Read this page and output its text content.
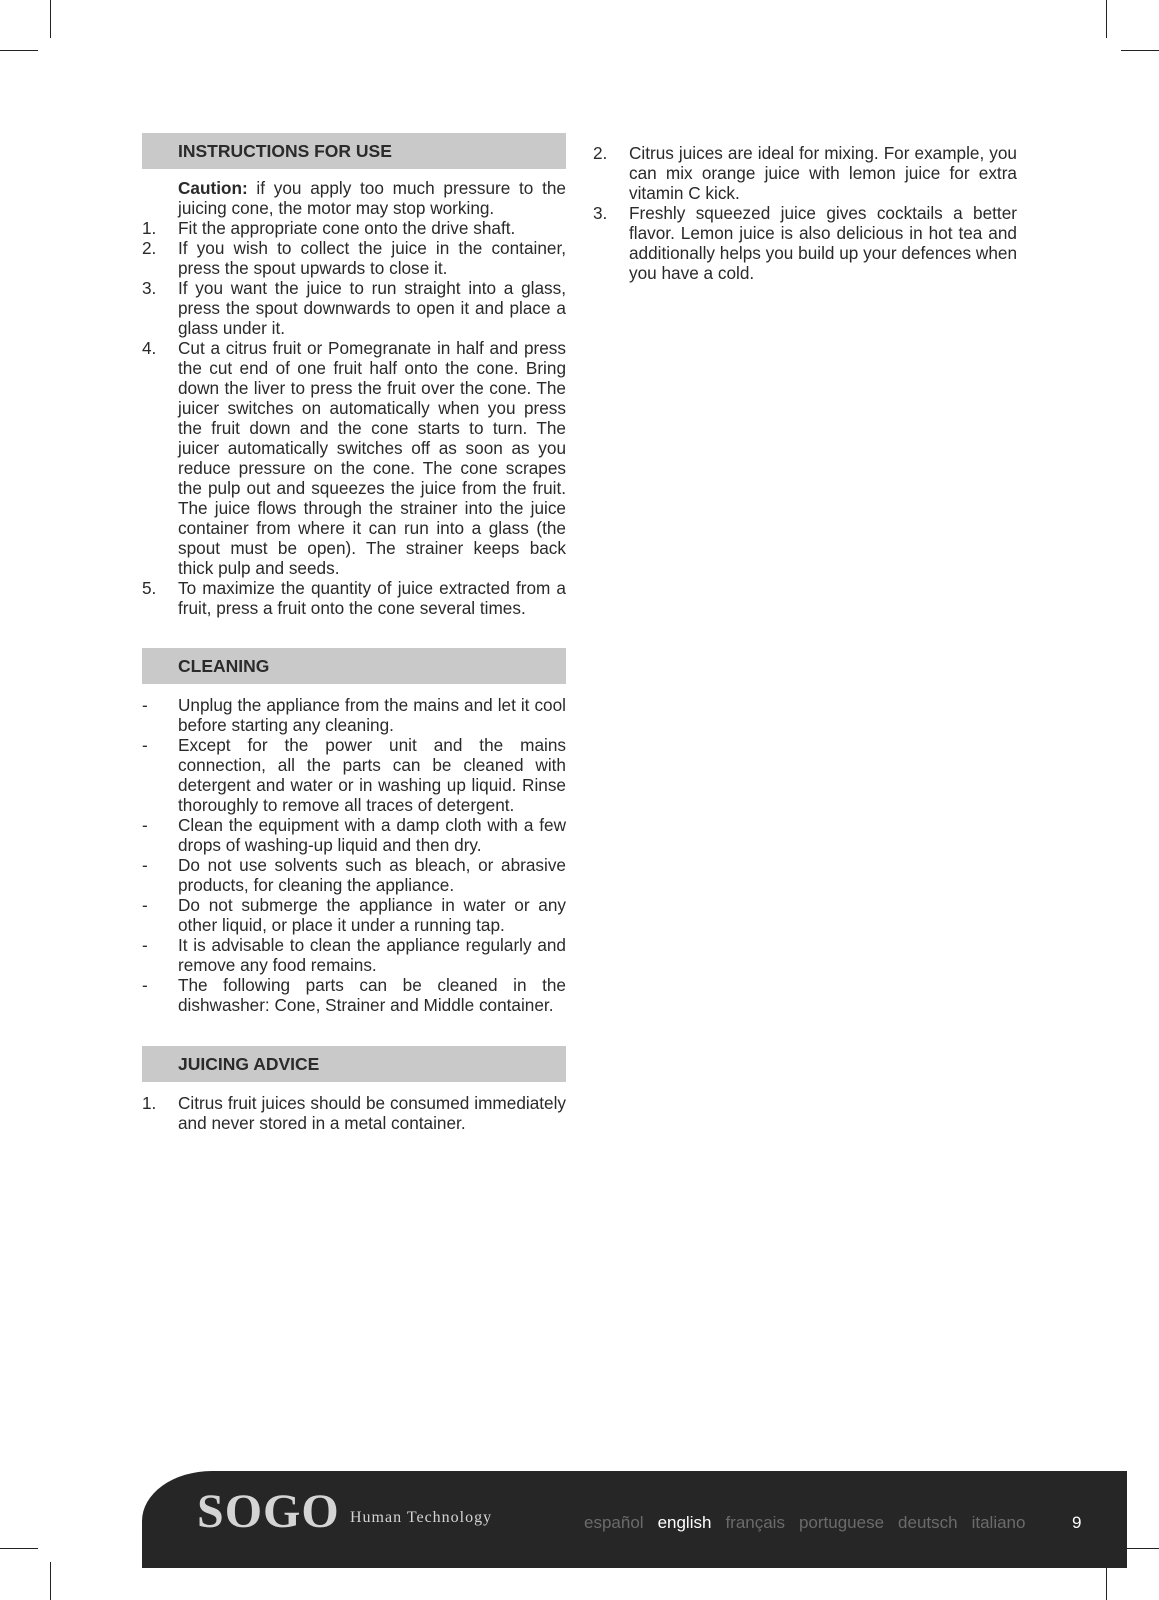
INSTRUCTIONS FOR USE
Caution: if you apply too much pressure to the juicing cone, the motor may stop working.
1.	Fit the appropriate cone onto the drive shaft.
2.	If you wish to collect the juice in the container, press the spout upwards to close it.
3.	If you want the juice to run straight into a glass, press the spout downwards to open it and place a glass under it.
4.	Cut a citrus fruit or Pomegranate in half and press the cut end of one fruit half onto the cone. Bring down the liver to press the fruit over the cone. The juicer switches on automatically when you press the fruit down and the cone starts to turn. The juicer automatically switches off as soon as you reduce pressure on the cone. The cone scrapes the pulp out and squeezes the juice from the fruit. The juice flows through the strainer into the juice container from where it can run into a glass (the spout must be open). The strainer keeps back thick pulp and seeds.
5.	To maximize the quantity of juice extracted from a fruit, press a fruit onto the cone several times.
CLEANING
-	Unplug the appliance from the mains and let it cool before starting any cleaning.
-	Except for the power unit and the mains connection, all the parts can be cleaned with detergent and water or in washing up liquid. Rinse thoroughly to remove all traces of detergent.
-	Clean the equipment with a damp cloth with a few drops of washing-up liquid and then dry.
-	Do not use solvents such as bleach, or abrasive products, for cleaning the appliance.
-	Do not submerge the appliance in water or any other liquid, or place it under a running tap.
-	It is advisable to clean the appliance regularly and remove any food remains.
-	The following parts can be cleaned in the dishwasher: Cone, Strainer and Middle container.
JUICING ADVICE
1.	Citrus fruit juices should be consumed immediately and never stored in a metal container.
2.	Citrus juices are ideal for mixing. For example, you can mix orange juice with lemon juice for extra vitamin C kick.
3.	Freshly squeezed juice gives cocktails a better flavor. Lemon juice is also delicious in hot tea and additionally helps you build up your defences when you have a cold.
SOGO Human Technology	español english français portuguese deutsch italiano	9
